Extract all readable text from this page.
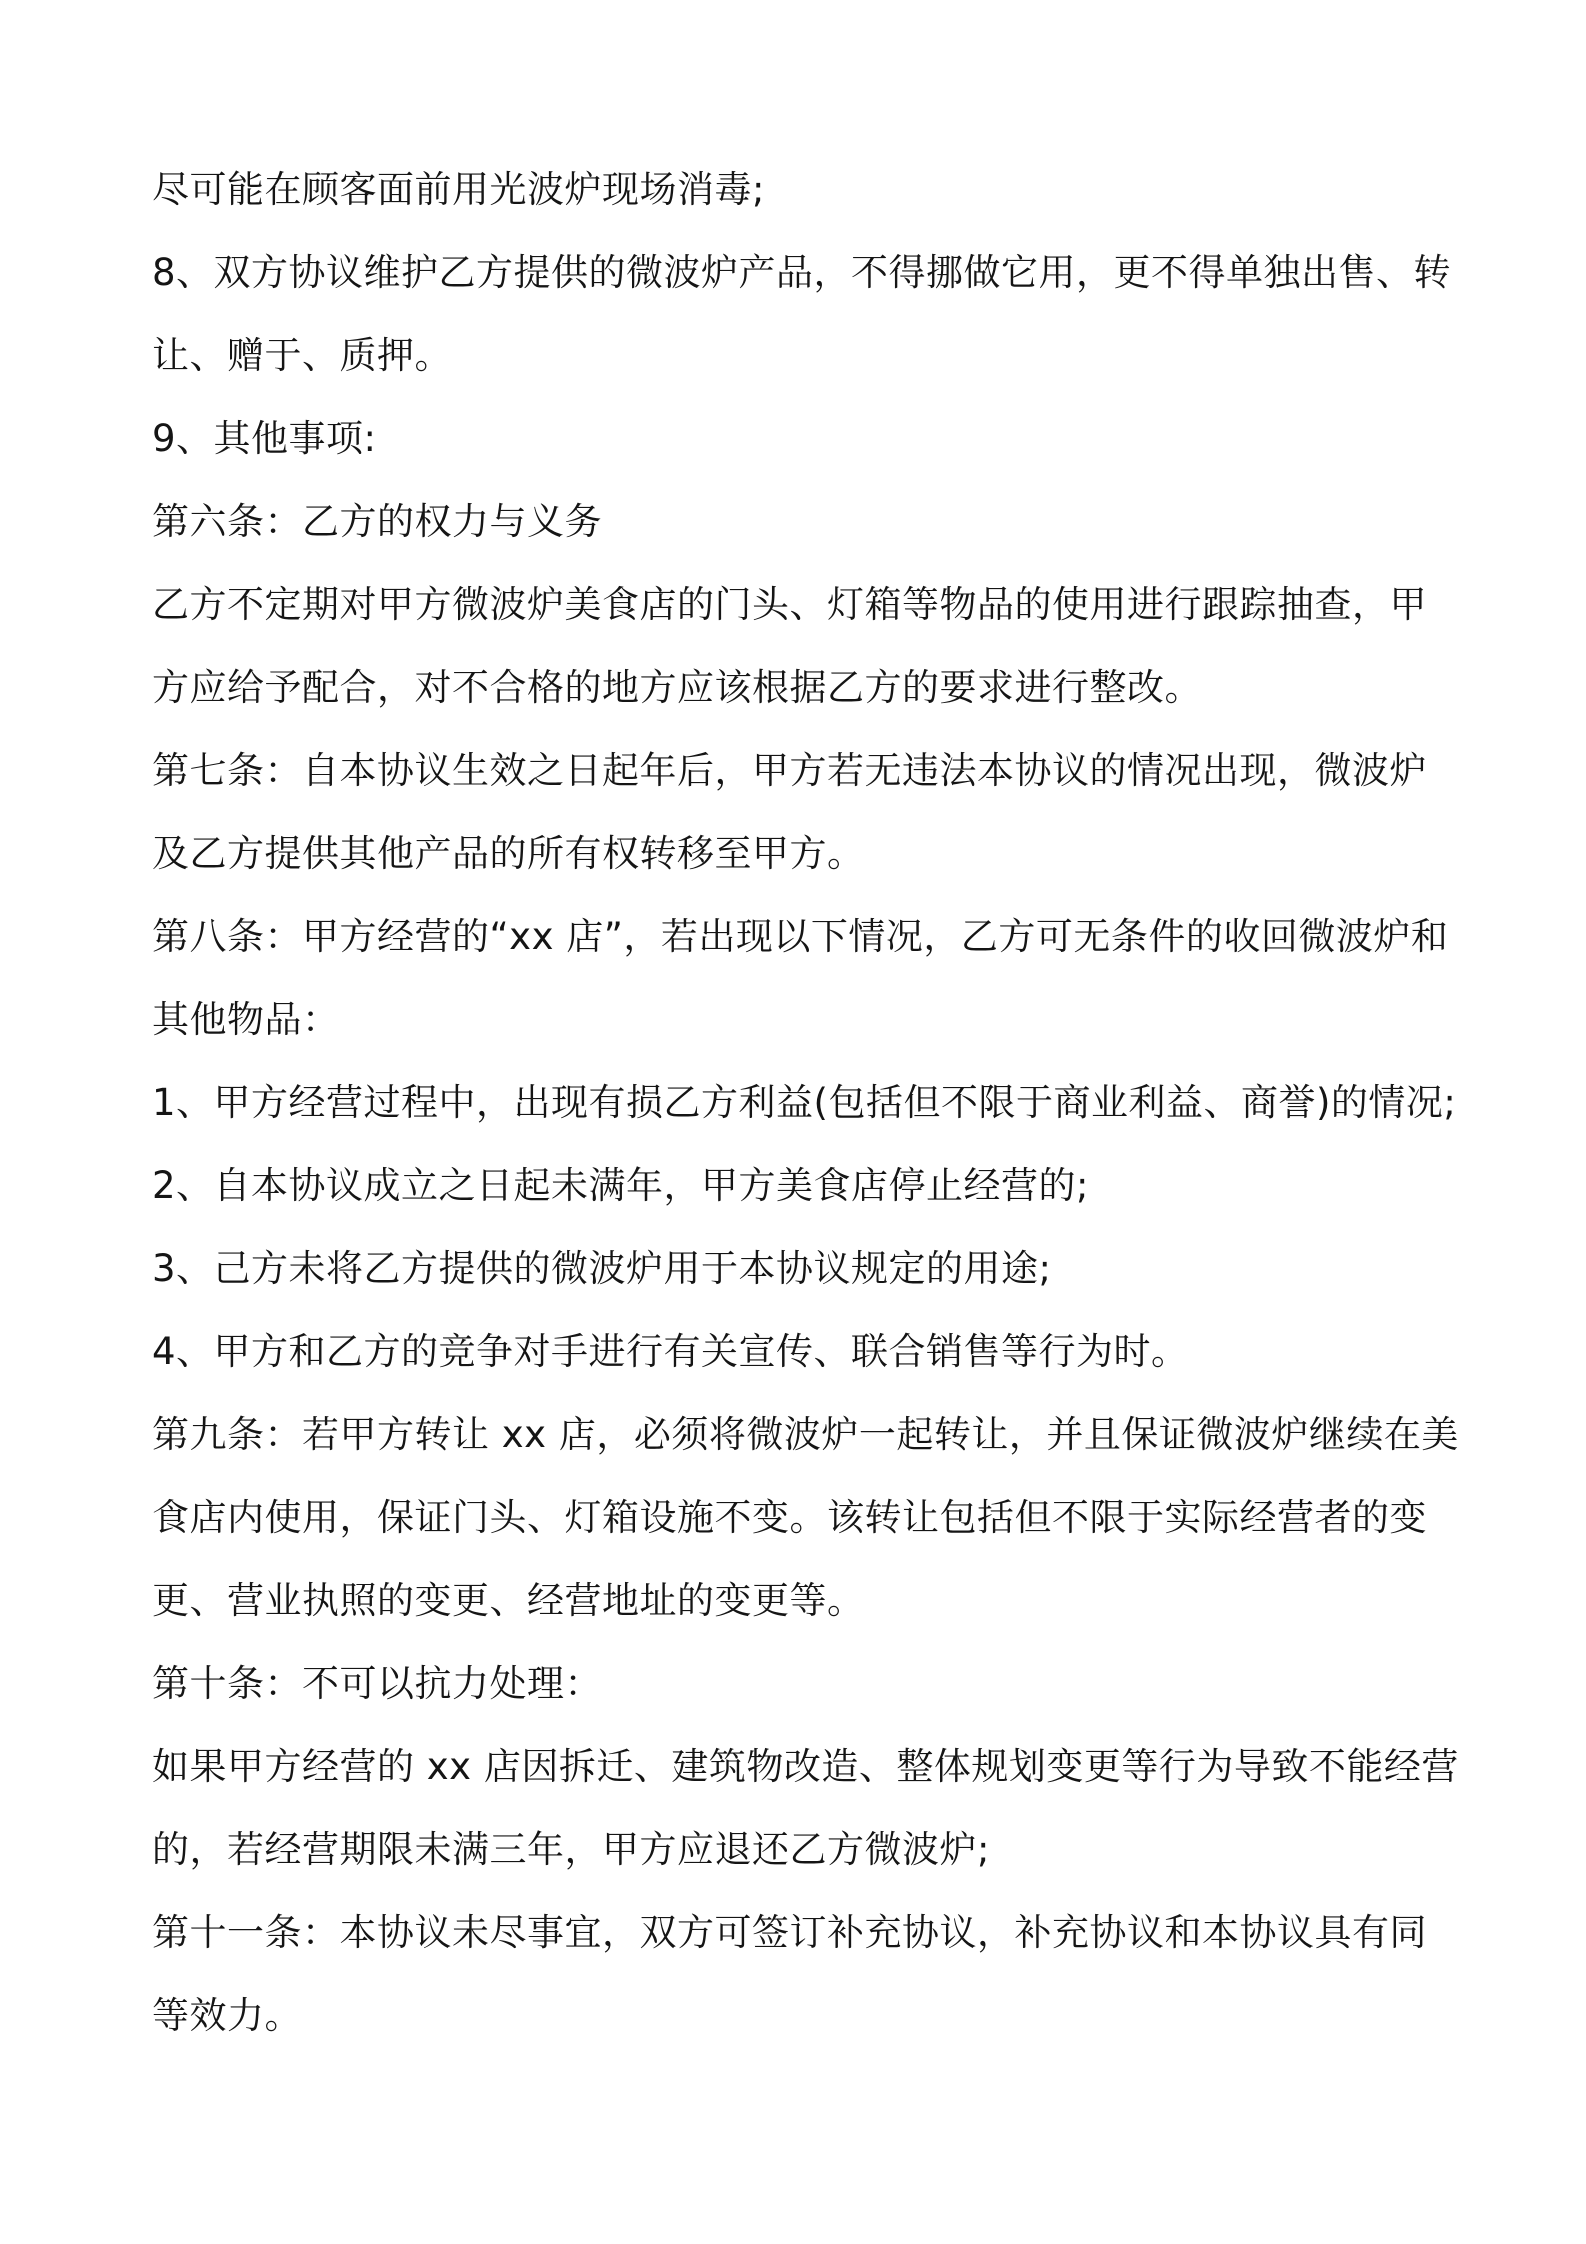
尽可能在顾客面前用光波炉现场消毒;
8、双方协议维护乙方提供的微波炉产品，不得挪做它用，更不得单独出售、转
让、赠于、质押。
9、其他事项:
第六条：乙方的权力与义务
乙方不定期对甲方微波炉美食店的门头、灯箱等物品的使用进行跟踪抽查，甲
方应给予配合，对不合格的地方应该根据乙方的要求进行整改。
第七条：自本协议生效之日起年后，甲方若无违法本协议的情况出现，微波炉
及乙方提供其他产品的所有权转移至甲方。
第八条：甲方经营的“xx 店”，若出现以下情况，乙方可无条件的收回微波炉和
其他物品：
1、甲方经营过程中，出现有损乙方利益(包括但不限于商业利益、商誉)的情况;
2、自本协议成立之日起未满年，甲方美食店停止经营的;
3、己方未将乙方提供的微波炉用于本协议规定的用途;
4、甲方和乙方的竞争对手进行有关宣传、联合销售等行为时。
第九条：若甲方转让 xx 店，必须将微波炉一起转让，并且保证微波炉继续在美
食店内使用，保证门头、灯箱设施不变。该转让包括但不限于实际经营者的变
更、营业执照的变更、经营地址的变更等。
第十条：不可以抗力处理：
如果甲方经营的 xx 店因拆迁、建筑物改造、整体规划变更等行为导致不能经营
的，若经营期限未满三年，甲方应退还乙方微波炉;
第十一条：本协议未尽事宜，双方可签订补充协议，补充协议和本协议具有同
等效力。
